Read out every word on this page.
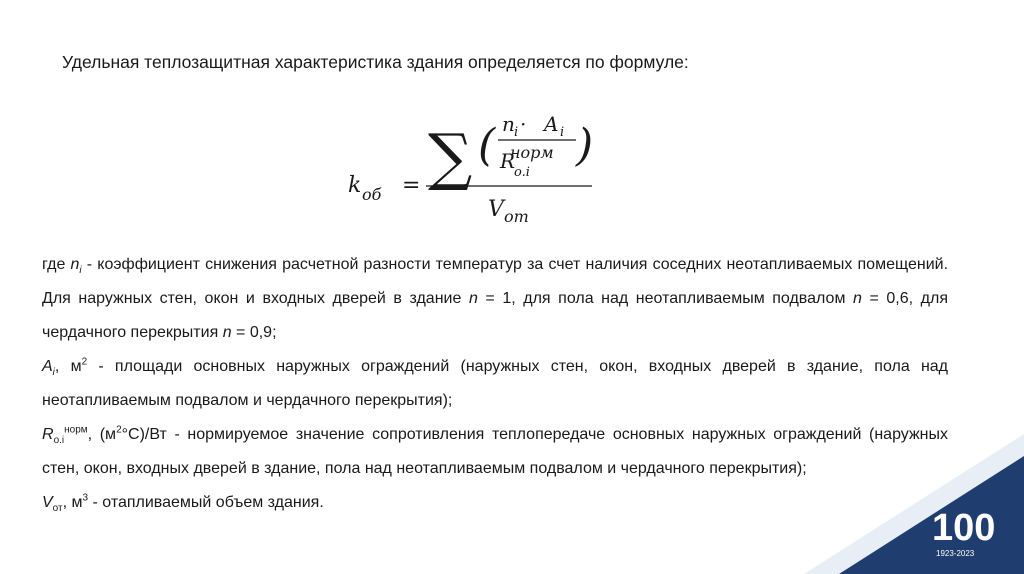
Удельная теплозащитная характеристика здания определяется по формуле:
k об = ∑ ( )
n i · A i
R
норм
o.i
V от

где $n_i$ - коэффициент снижения расчетной разности температур за счет наличия соседних неотапливаемых помещений. Для наружных стен, окон и входных дверей в здание n = 1, для пола над неотапливаемым подвалом n = 0,6, для чердачного перекрытия n = 0,9;

$A_i$, $м^2$ - площади основных наружных ограждений (наружных стен, окон, входных дверей в здание, пола над неотапливаемым подвалом и чердачного перекрытия);

$R_{о.i}^{норм}$, $(м^2^\circ С)/Вт$ - нормируемое значение сопротивления теплопередаче основных наружных ограждений (наружных стен, окон, входных дверей в здание, пола над неотапливаемым подвалом и чердачного перекрытия);

$V_{от}$, $м^3$ - отапливаемый объем здания.

100
1923-2023
